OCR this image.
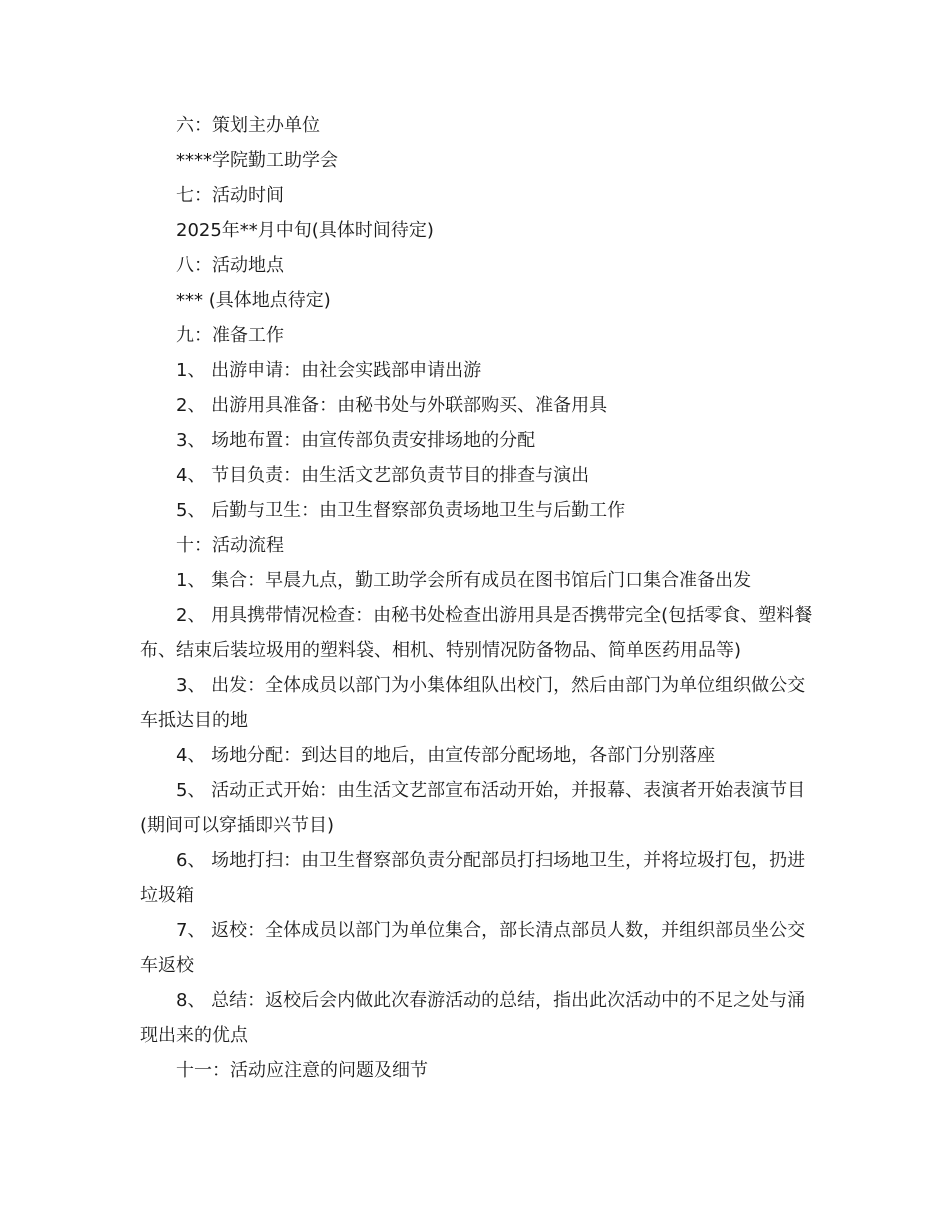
六：策划主办单位

****学院勤工助学会

七：活动时间

2025年**月中旬(具体时间待定)

八：活动地点

*** (具体地点待定)

九：准备工作

1、 出游申请：由社会实践部申请出游

2、 出游用具准备：由秘书处与外联部购买、准备用具

3、 场地布置：由宣传部负责安排场地的分配

4、 节目负责：由生活文艺部负责节目的排查与演出

5、 后勤与卫生：由卫生督察部负责场地卫生与后勤工作

十：活动流程

1、 集合：早晨九点，勤工助学会所有成员在图书馆后门口集合准备出发

2、 用具携带情况检查：由秘书处检查出游用具是否携带完全(包括零食、塑料餐布、结束后装垃圾用的塑料袋、相机、特别情况防备物品、简单医药用品等)

3、 出发：全体成员以部门为小集体组队出校门，然后由部门为单位组织做公交车抵达目的地

4、 场地分配：到达目的地后，由宣传部分配场地，各部门分别落座

5、 活动正式开始：由生活文艺部宣布活动开始，并报幕、表演者开始表演节目(期间可以穿插即兴节目)

6、 场地打扫：由卫生督察部负责分配部员打扫场地卫生，并将垃圾打包，扔进垃圾箱

7、 返校：全体成员以部门为单位集合，部长清点部员人数，并组织部员坐公交车返校

8、 总结：返校后会内做此次春游活动的总结，指出此次活动中的不足之处与涌现出来的优点

十一：活动应注意的问题及细节
